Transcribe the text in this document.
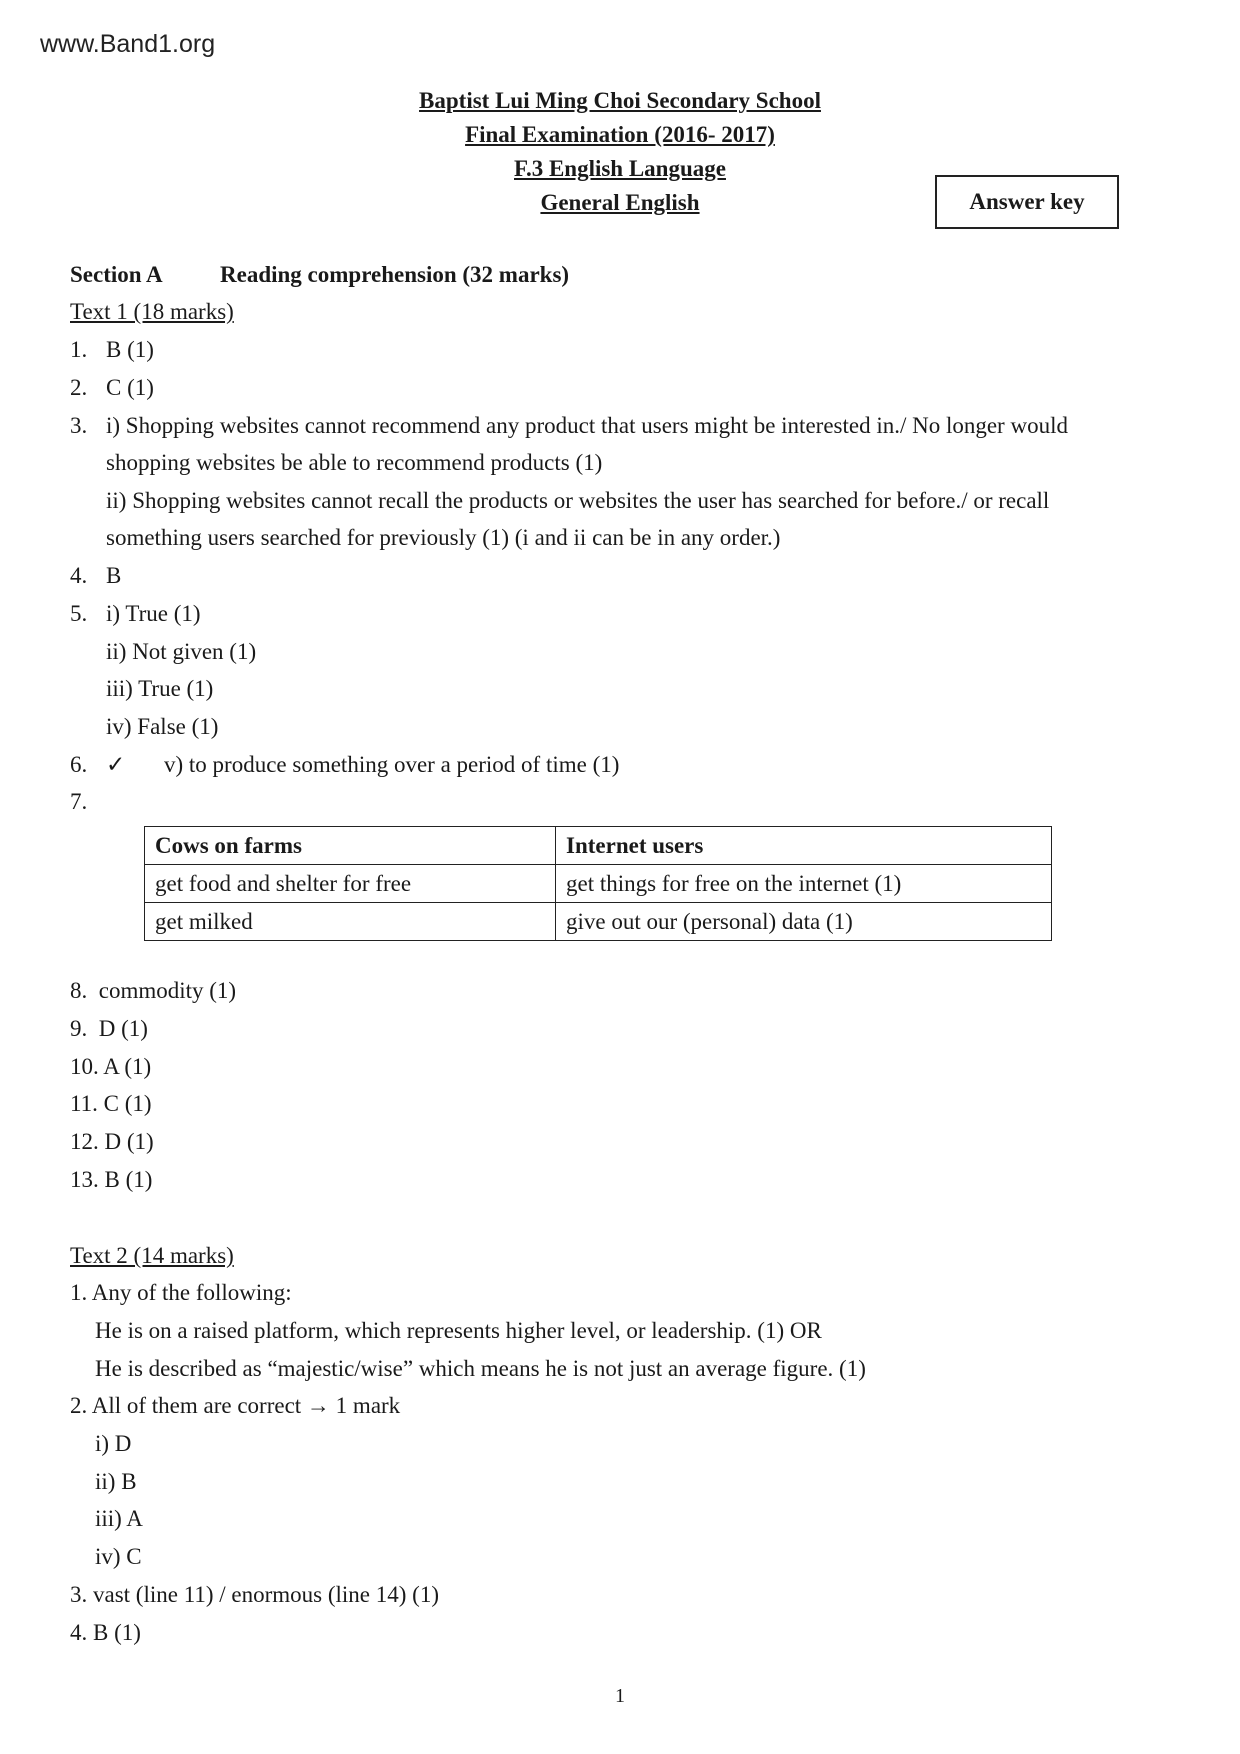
www.Band1.org
Baptist Lui Ming Choi Secondary School
Final Examination (2016- 2017)
F.3 English Language
General English	Answer key
Section A Reading comprehension (32 marks)
Text 1 (18 marks)
1. B (1)
2. C (1)
3. i) Shopping websites cannot recommend any product that users might be interested in./ No longer would
shopping websites be able to recommend products (1)
ii) Shopping websites cannot recall the products or websites the user has searched for before./ or recall
something users searched for previously (1) (i and ii can be in any order.)
4. B
5. i) True (1)
ii) Not given (1)
iii) True (1)
iv) False (1)
6. ✓ v) to produce something over a period of time (1)
7.
Cows on farms	Internet users
get food and shelter for free	get things for free on the internet (1)
get milked	give out our (personal) data (1)
8.  commodity (1)
9.  D (1)
10. A (1)
11. C (1)
12. D (1)
13. B (1)
Text 2 (14 marks)
1. Any of the following:
He is on a raised platform, which represents higher level, or leadership. (1) OR
He is described as “majestic/wise” which means he is not just an average figure. (1)
2. All of them are correct → 1 mark
i) D
ii) B
iii) A
iv) C
3. vast (line 11) / enormous (line 14) (1)
4. B (1)
1
